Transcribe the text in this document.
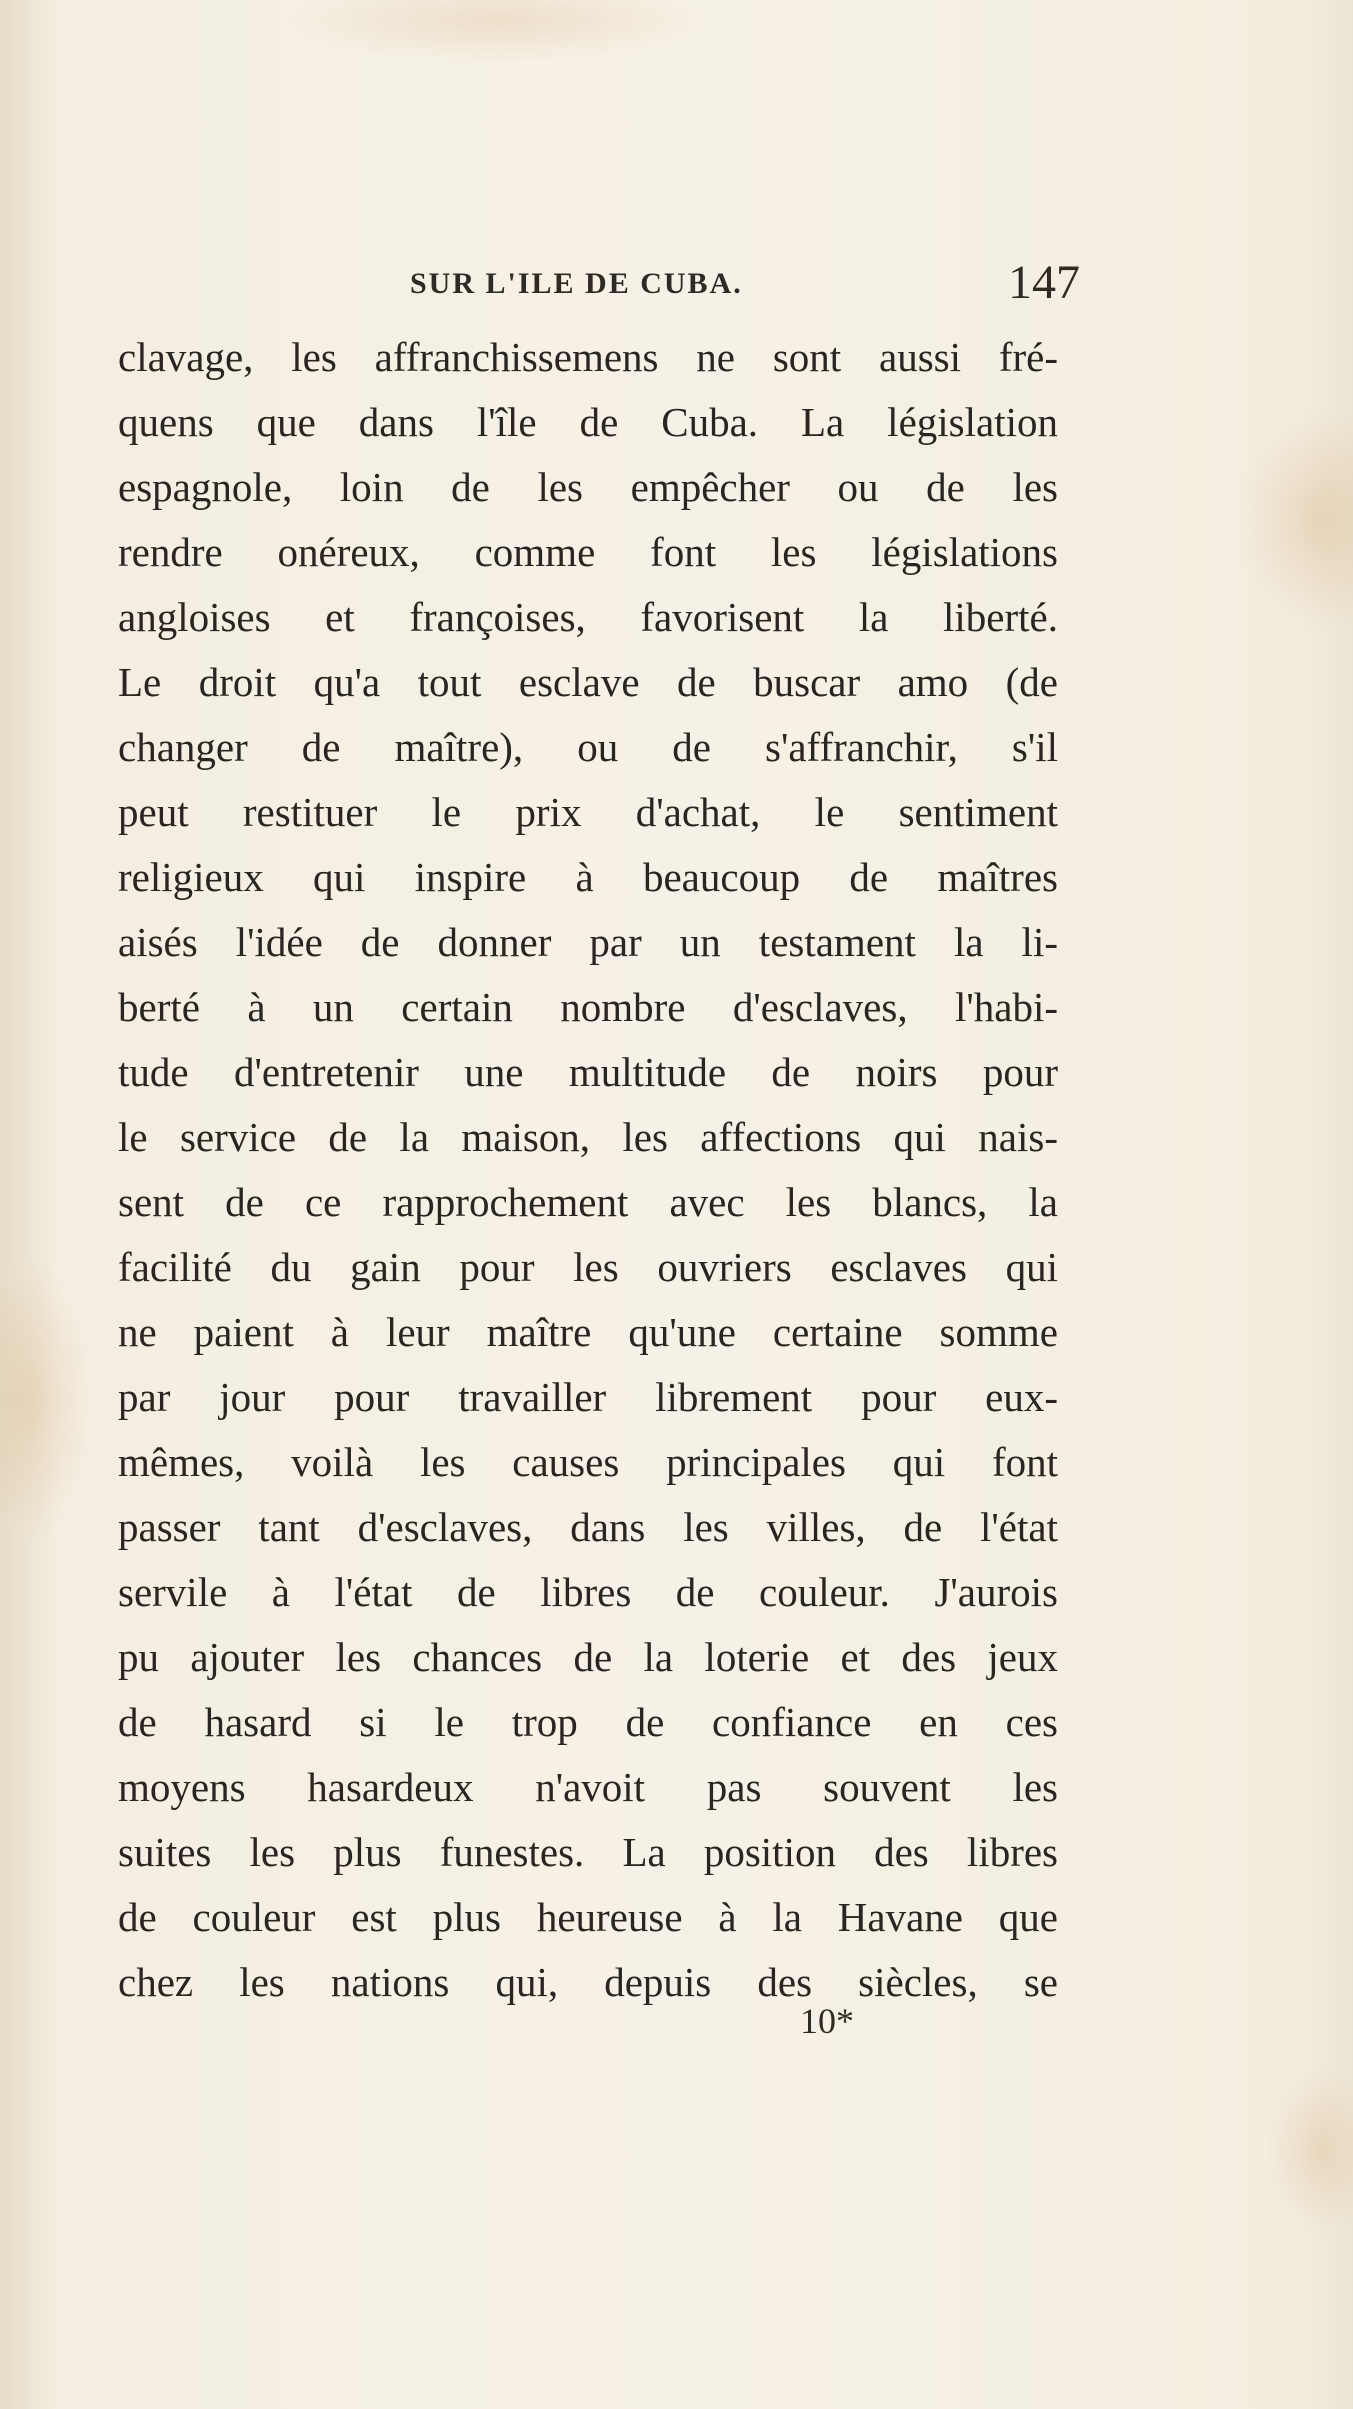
SUR L'ILE DE CUBA.	147
clavage, les affranchissemens ne sont aussi fré-
quens que dans l'île de Cuba. La législation
espagnole, loin de les empêcher ou de les
rendre onéreux, comme font les législations
angloises et françoises, favorisent la liberté.
Le droit qu'a tout esclave de buscar amo (de
changer de maître), ou de s'affranchir, s'il
peut restituer le prix d'achat, le sentiment
religieux qui inspire à beaucoup de maîtres
aisés l'idée de donner par un testament la li-
berté à un certain nombre d'esclaves, l'habi-
tude d'entretenir une multitude de noirs pour
le service de la maison, les affections qui nais-
sent de ce rapprochement avec les blancs, la
facilité du gain pour les ouvriers esclaves qui
ne paient à leur maître qu'une certaine somme
par jour pour travailler librement pour eux-
mêmes, voilà les causes principales qui font
passer tant d'esclaves, dans les villes, de l'état
servile à l'état de libres de couleur. J'aurois
pu ajouter les chances de la loterie et des jeux
de hasard si le trop de confiance en ces
moyens hasardeux n'avoit pas souvent les
suites les plus funestes. La position des libres
de couleur est plus heureuse à la Havane que
chez les nations qui, depuis des siècles, se
10*
